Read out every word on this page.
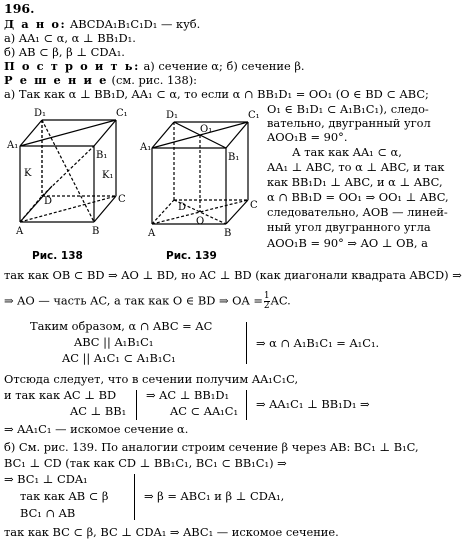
196.
Д а н о: ABCDA₁B₁C₁D₁ — куб.
а) AA₁ ⊂ α, α ⊥ BB₁D₁.
б) AB ⊂ β, β ⊥ CDA₁.
П о с т р о и т ь: а) сечение α; б) сечение β.
Р е ш е н и е (см. рис. 138):
а) Так как α ⊥ BB₁D, AA₁ ⊂ α, то если α ∩ BB₁D₁ = OO₁ (O ∈ BD ⊂ ABC;
O₁ ∈ B₁D₁ ⊂ A₁B₁C₁), следо-
вательно, двугранный угол
AOO₁B = 90°.
А так как AA₁ ⊂ α,
AA₁ ⊥ ABC, то α ⊥ ABC, и так
как BB₁D₁ ⊥ ABC, и α ⊥ ABC,
α ∩ BB₁D = OO₁ ⇒ OO₁ ⊥ ABC,
следовательно, AOB — линей-
ный угол двугранного угла
AOO₁B = 90° ⇒ AO ⊥ OB, а
D₁	C₁
A₁
B₁
K	K₁
D	C
A	B
Рис. 138
D₁	C₁
O₁
A₁
B₁
D	C
O
A	B
Рис. 139
так как OB ⊂ BD ⇒ AO ⊥ BD, но AC ⊥ BD (как диагонали квадрата ABCD) ⇒
⇒ AO — часть AC, а так как O ∈ BD ⇒ OA = $\frac{1}{2}$ AC.
Таким образом, α ∩ ABC = AC
ABC || A₁B₁C₁
AC || A₁C₁ ⊂ A₁B₁C₁
⇒ α ∩ A₁B₁C₁ = A₁C₁.
Отсюда следует, что в сечении получим AA₁C₁C,
и так как AC ⊥ BD
AC ⊥ BB₁
⇒ AC ⊥ BB₁D₁
AC ⊂ AA₁C₁ ⇒ AA₁C₁ ⊥ BB₁D₁ ⇒
⇒ AA₁C₁ — искомое сечение α.
б) См. рис. 139. По аналогии строим сечение β через AB: BC₁ ⊥ B₁C,
BC₁ ⊥ CD (так как CD ⊥ BB₁C₁, BC₁ ⊂ BB₁C₁) ⇒
⇒ BC₁ ⊥ CDA₁
так как AB ⊂ β
BC₁ ∩ AB
⇒ β = ABC₁ и β ⊥ CDA₁,
так как BC ⊂ β, BC ⊥ CDA₁ ⇒ ABC₁ — искомое сечение.
